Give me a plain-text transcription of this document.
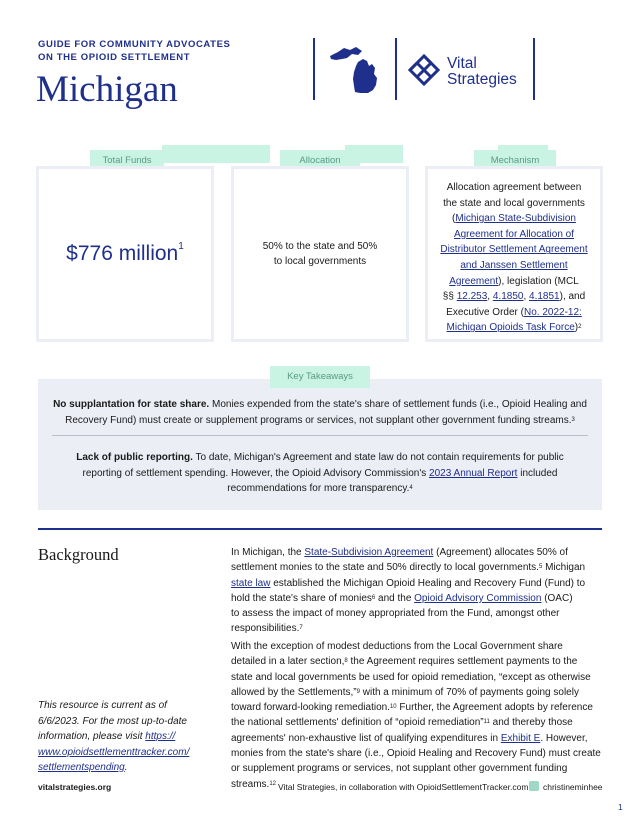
GUIDE FOR COMMUNITY ADVOCATES
ON THE OPIOID SETTLEMENT
Michigan
Vital
Strategies
Total Funds	Allocation	Mechanism
$776 million$^1$	50% to the state and 50%
to local governments
Allocation agreement between
the state and local governments
(Michigan State-Subdivision
Agreement for Allocation of
Distributor Settlement Agreement
and Janssen Settlement
Agreement), legislation (MCL
§§ 12.253, 4.1850, 4.1851), and
Executive Order (No. 2022-12:
Michigan Opioids Task Force)$^2$
No supplantation for state share. Monies expended from the state's share of settlement funds (i.e., Opioid Healing and
Recovery Fund) must create or supplement programs or services, not supplant other government funding streams.$^3$
Lack of public reporting. To date, Michigan's Agreement and state law do not contain requirements for public
reporting of settlement spending. However, the Opioid Advisory Commission's 2023 Annual Report included
recommendations for more transparency.$^4$
Key Takeaways
Background	In Michigan, the State-Subdivision Agreement (Agreement) allocates 50% of
settlement monies to the state and 50% directly to local governments.$^5$ Michigan
state law established the Michigan Opioid Healing and Recovery Fund (Fund) to
hold the state's share of monies$^6$ and the Opioid Advisory Commission (OAC)
to assess the impact of money appropriated from the Fund, amongst other
responsibilities.$^7$
With the exception of modest deductions from the Local Government share
detailed in a later section,$^8$ the Agreement requires settlement payments to the
state and local governments be used for opioid remediation, “except as otherwise
allowed by the Settlements,”$^9$ with a minimum of 70% of payments going solely
toward forward-looking remediation.$^{10}$ Further, the Agreement adopts by reference
the national settlements' definition of “opioid remediation”$^{11}$ and thereby those
agreements' non-exhaustive list of qualifying expenditures in Exhibit E. However,
monies from the state's share (i.e., Opioid Healing and Recovery Fund) must create
or supplement programs or services, not supplant other government funding
streams.$^{12}$
This resource is current as of
6/6/2023. For the most up-to-date
information, please visit https://
www.opioidsettlementtracker.com/
settlementspending.
vitalstrategies.org	Vital Strategies, in collaboration with OpioidSettlementTracker.com christineminhee
1
